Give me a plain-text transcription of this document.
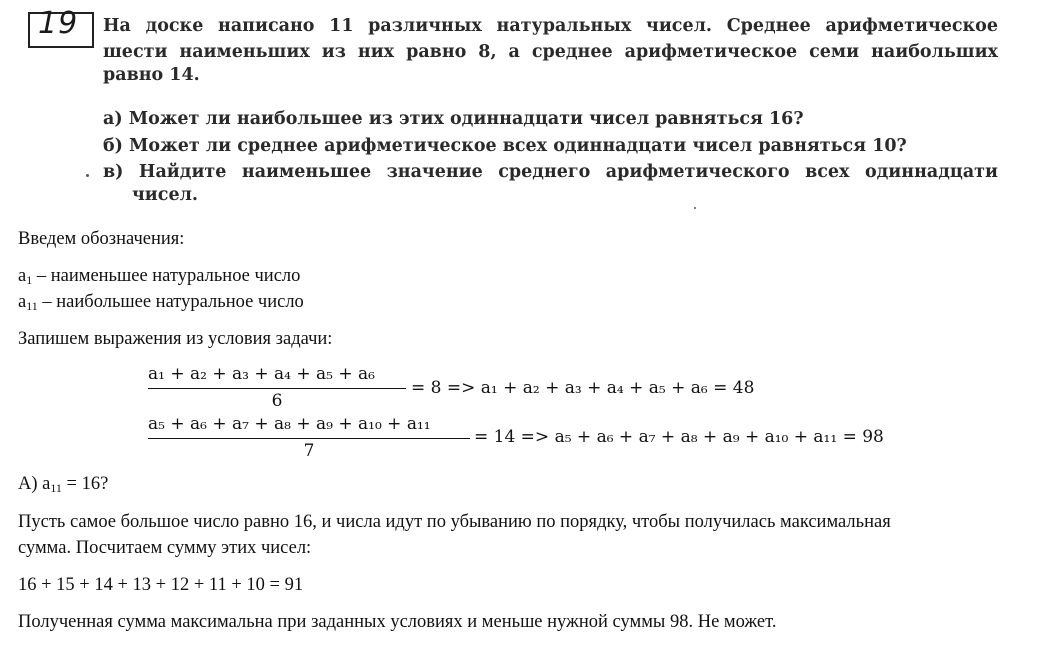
19 На доске написано 11 различных натуральных чисел. Среднее арифметическое
шести наименьших из них равно 8, а среднее арифметическое семи наибольших
равно 14.
а) Может ли наибольшее из этих одиннадцати чисел равняться 16?
б) Может ли среднее арифметическое всех одиннадцати чисел равняться 10?
в) Найдите наименьшее значение среднего арифметического всех одиннадцати
чисел.
Введем обозначения:
$a_1$ – наименьшее натуральное число
$a_{11}$ – наибольшее натуральное число
Запишем выражения из условия задачи:
a₁ + a₂ + a₃ + a₄ + a₅ + a₆
6
= 8 => a₁ + a₂ + a₃ + a₄ + a₅ + a₆ = 48
a₅ + a₆ + a₇ + a₈ + a₉ + a₁₀ + a₁₁
7
= 14 => a₅ + a₆ + a₇ + a₈ + a₉ + a₁₀ + a₁₁ = 98
А) $a_{11} = 16$?
Пусть самое большое число равно 16, и числа идут по убыванию по порядку, чтобы получилась максимальная
сумма. Посчитаем сумму этих чисел:
16 + 15 + 14 + 13 + 12 + 11 + 10 = 91
Полученная сумма максимальна при заданных условиях и меньше нужной суммы 98. Не может.
